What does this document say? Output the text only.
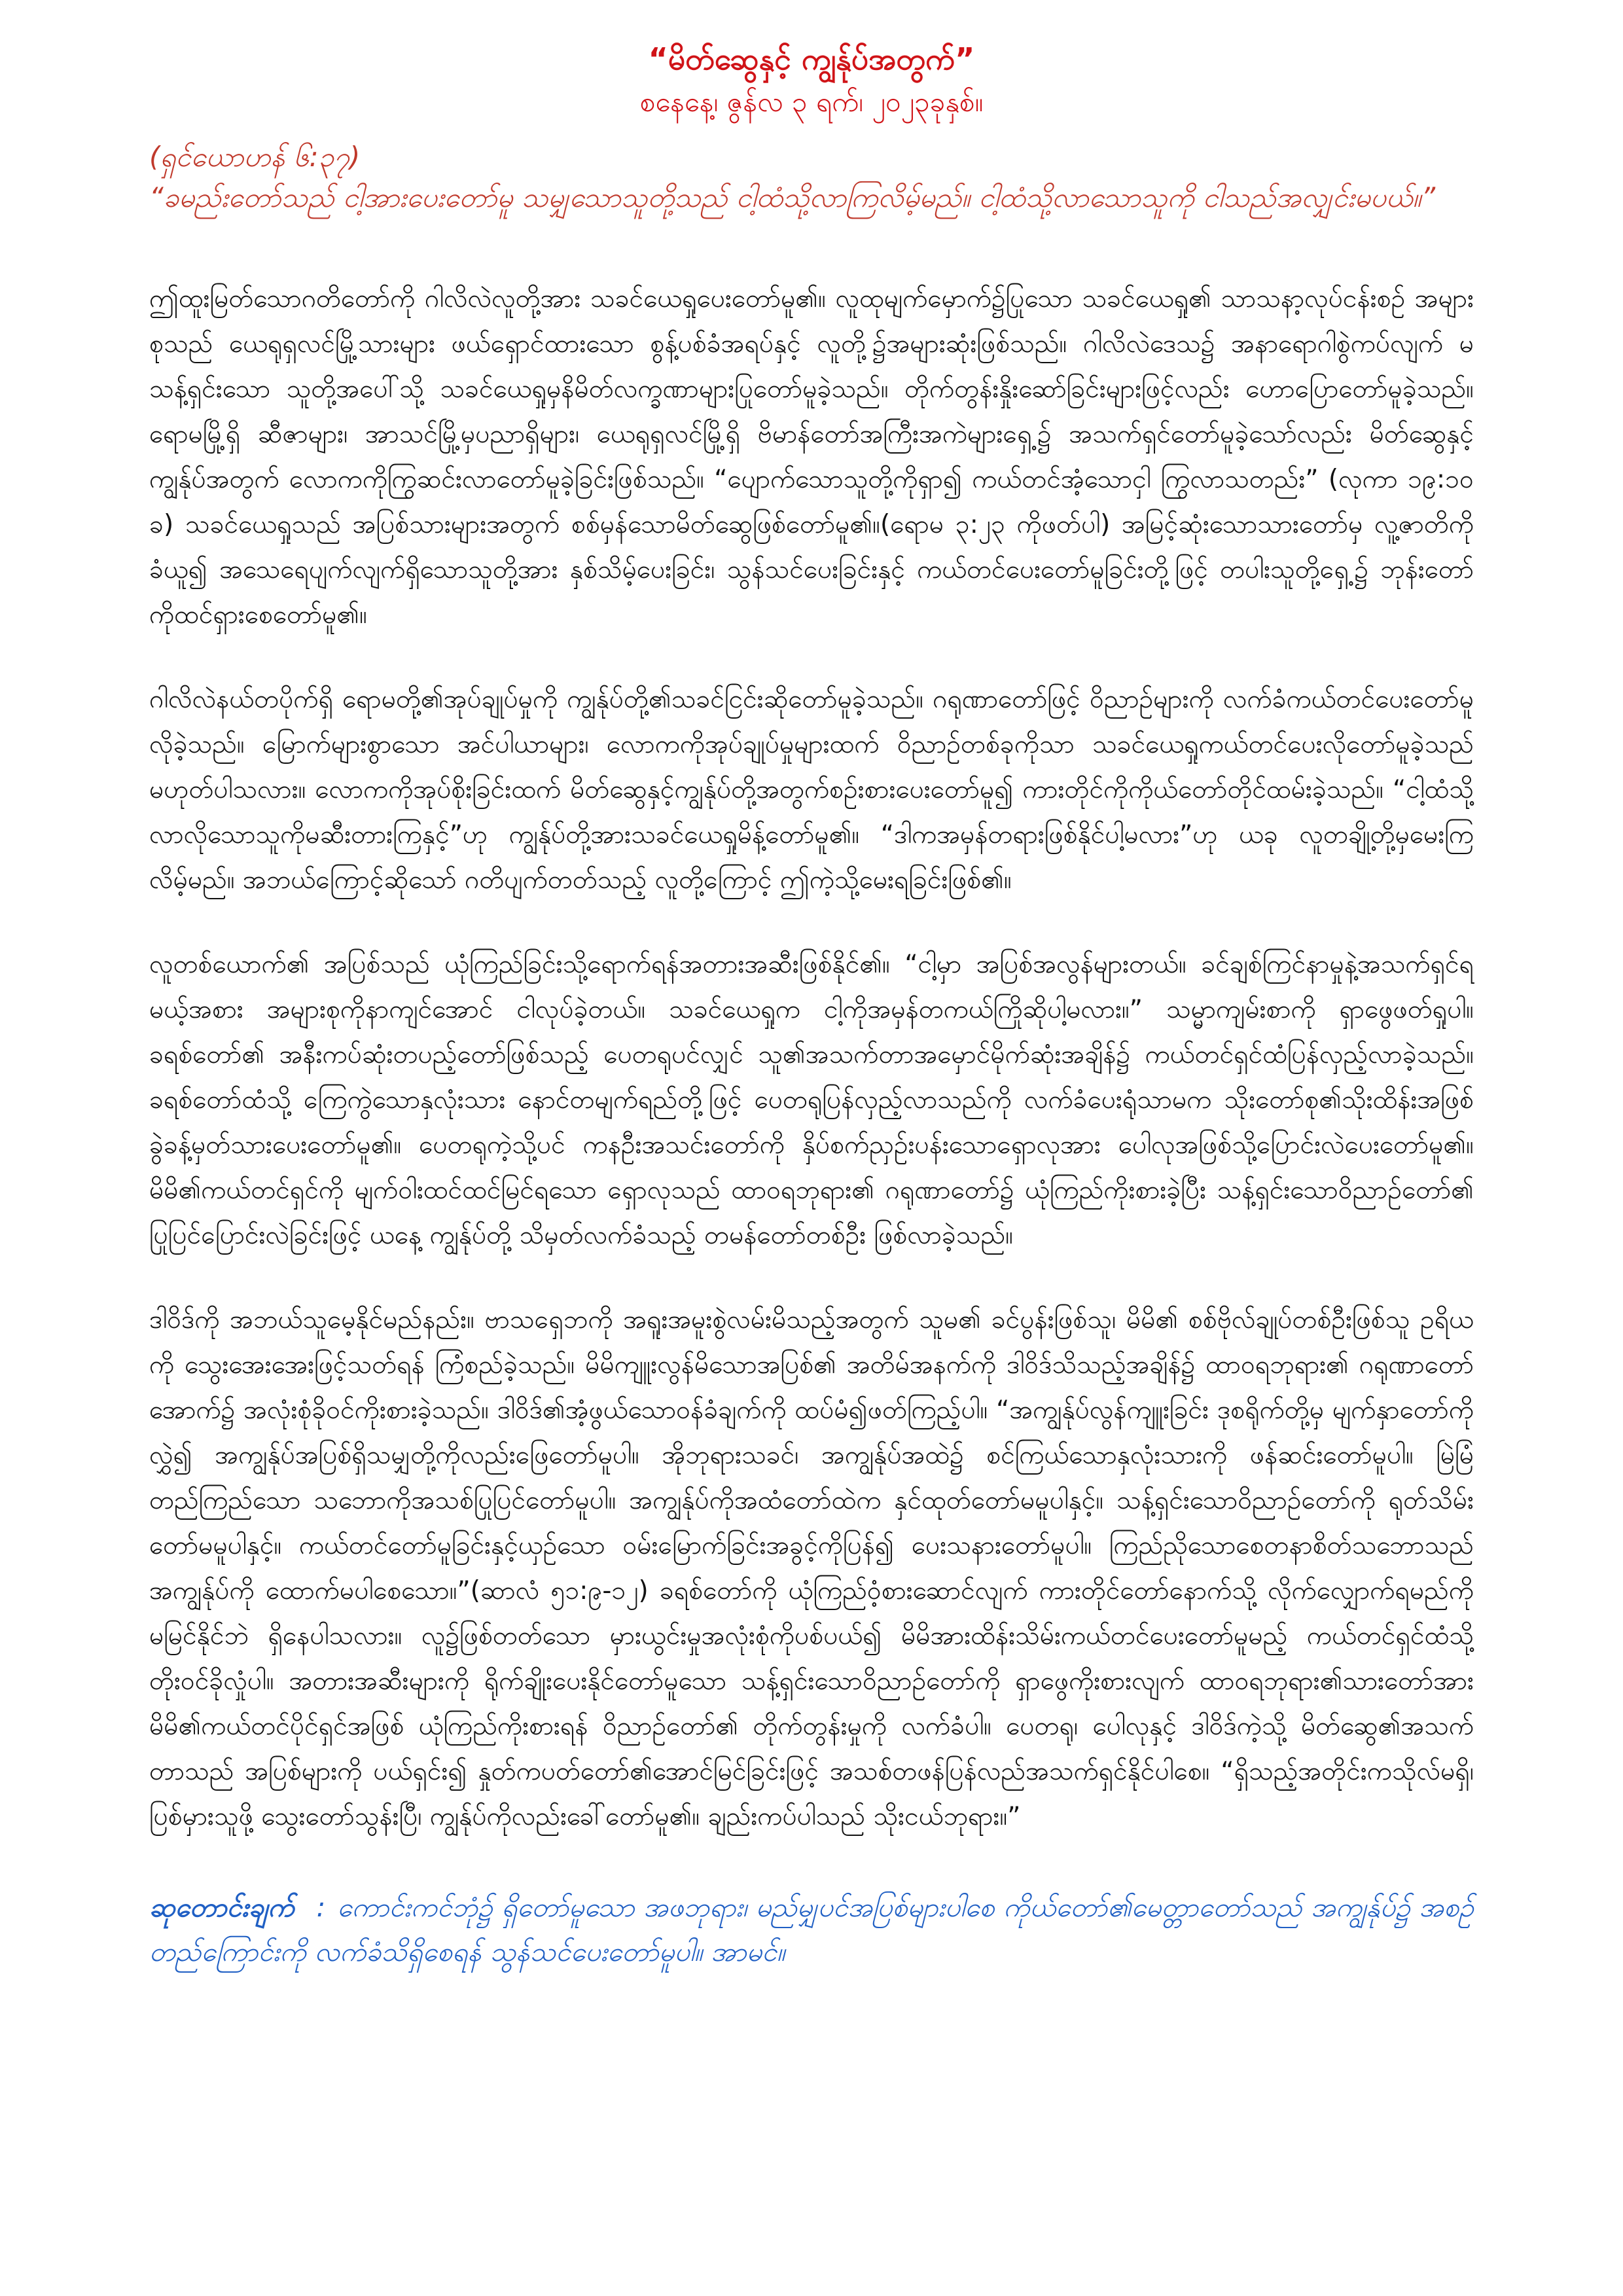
“မိတ်ဆွေနှင့် ကျွန်ုပ်အတွက်”

စနေနေ့၊ ဇွန်လ ၃ ရက်၊ ၂၀၂၃ခုနှစ်။

(ရှင်ယောဟန် ၆:၃၇)

“ခမည်းတော်သည် ငါ့အားပေးတော်မူ သမျှသောသူတို့သည် ငါ့ထံသို့လာကြလိမ့်မည်။ ငါ့ထံသို့လာသောသူကို ငါသည်အလျှင်းမပယ်။”

ဤထူးမြတ်သောဂတိတော်ကို ဂါလိလဲလူတို့အား သခင်ယေရှုပေးတော်မူ၏။ လူထုမျက်မှောက်၌ပြုသော သခင်ယေရှု၏ သာသနာ့လုပ်ငန်းစဉ် အများစုသည် ယေရုရှလင်မြို့သားများ ဖယ်ရှောင်ထားသော စွန့်ပစ်ခံအရပ်နှင့် လူတို့၌အများဆုံးဖြစ်သည်။ ဂါလိလဲဒေသ၌ အနာရောဂါစွဲကပ်လျက် မသန့်ရှင်းသော သူတို့အပေါ်သို့ သခင်ယေရှုမှနိမိတ်လက္ခဏာများပြုတော်မူခဲ့သည်။ တိုက်တွန်းနှိုးဆော်ခြင်းများဖြင့်လည်း ဟောပြောတော်မူခဲ့သည်။ ရောမမြို့ရှိ ဆီဇာများ၊ အာသင်မြို့မှပညာရှိများ၊ ယေရုရှလင်မြို့ရှိ ဗိမာန်တော်အကြီးအကဲများရှေ့၌ အသက်ရှင်တော်မူခဲ့သော်လည်း မိတ်ဆွေနှင့်ကျွန်ုပ်အတွက် လောကကိုကြွဆင်းလာတော်မူခဲ့ခြင်းဖြစ်သည်။ “ပျောက်သောသူတို့ကိုရှာ၍ ကယ်တင်အံ့သောငှါ ကြွလာသတည်း” (လုကာ ၁၉:၁၀ ခ) သခင်ယေရှုသည် အပြစ်သားများအတွက် စစ်မှန်သောမိတ်ဆွေဖြစ်တော်မူ၏။(ရောမ ၃:၂၃ ကိုဖတ်ပါ) အမြင့်ဆုံးသောသားတော်မှ လူ့ဇာတိကိုခံယူ၍ အသေရေပျက်လျက်ရှိသောသူတို့အား နှစ်သိမ့်ပေးခြင်း၊ သွန်သင်ပေးခြင်းနှင့် ကယ်တင်ပေးတော်မူခြင်းတို့ဖြင့် တပါးသူတို့ရှေ့၌ ဘုန်းတော်ကိုထင်ရှားစေတော်မူ၏။

ဂါလိလဲနယ်တပိုက်ရှိ ရောမတို့၏အုပ်ချုပ်မှုကို ကျွန်ုပ်တို့၏သခင်ငြင်းဆိုတော်မူခဲ့သည်။ ဂရုဏာတော်ဖြင့် ဝိညာဉ်များကို လက်ခံကယ်တင်ပေးတော်မူလိုခဲ့သည်။ မြောက်များစွာသော အင်ပါယာများ၊ လောကကိုအုပ်ချုပ်မှုများထက် ဝိညာဉ်တစ်ခုကိုသာ သခင်ယေရှုကယ်တင်ပေးလိုတော်မူခဲ့သည် မဟုတ်ပါသလား။ လောကကိုအုပ်စိုးခြင်းထက် မိတ်ဆွေနှင့်ကျွန်ုပ်တို့အတွက်စဉ်းစားပေးတော်မူ၍ ကားတိုင်ကိုကိုယ်တော်တိုင်ထမ်းခဲ့သည်။ “ငါ့ထံသို့လာလိုသောသူကိုမဆီးတားကြနှင့်”ဟု ကျွန်ုပ်တို့အားသခင်ယေရှုမိန့်တော်မူ၏။ “ဒါကအမှန်တရားဖြစ်နိုင်ပါ့မလား”ဟု ယခု လူတချို့တို့မှမေးကြလိမ့်မည်။ အဘယ်ကြောင့်ဆိုသော် ဂတိပျက်တတ်သည့် လူတို့ကြောင့် ဤကဲ့သို့မေးရခြင်းဖြစ်၏။

လူတစ်ယောက်၏ အပြစ်သည် ယုံကြည်ခြင်းသို့ရောက်ရန်အတားအဆီးဖြစ်နိုင်၏။ “ငါ့မှာ အပြစ်အလွန်များတယ်။ ခင်ချစ်ကြင်နာမှုနဲ့အသက်ရှင်ရမယ့်အစား အများစုကိုနာကျင်အောင် ငါလုပ်ခဲ့တယ်။ သခင်ယေရှုက ငါ့ကိုအမှန်တကယ်ကြိုဆိုပါ့မလား။” သမ္မာကျမ်းစာကို ရှာဖွေဖတ်ရှုပါ။ ခရစ်တော်၏ အနီးကပ်ဆုံးတပည့်တော်ဖြစ်သည့် ပေတရုပင်လျှင် သူ၏အသက်တာအမှောင်မိုက်ဆုံးအချိန်၌ ကယ်တင်ရှင်ထံပြန်လှည့်လာခဲ့သည်။ ခရစ်တော်ထံသို့ ကြေကွဲသောနှလုံးသား နောင်တမျက်ရည်တို့ဖြင့် ပေတရုပြန်လှည့်လာသည်ကို လက်ခံပေးရုံသာမက သိုးတော်စု၏သိုးထိန်းအဖြစ် ခွဲခန့်မှတ်သားပေးတော်မူ၏။ ပေတရုကဲ့သို့ပင် ကနဦးအသင်းတော်ကို နှိပ်စက်ညှဉ်းပန်းသောရှောလုအား ပေါလုအဖြစ်သို့ပြောင်းလဲပေးတော်မူ၏။ မိမိ၏ကယ်တင်ရှင်ကို မျက်ဝါးထင်ထင်မြင်ရသော ရှောလုသည် ထာဝရဘုရား၏ ဂရုဏာတော်၌ ယုံကြည်ကိုးစားခဲ့ပြီး သန့်ရှင်းသောဝိညာဉ်တော်၏ ပြုပြင်ပြောင်းလဲခြင်းဖြင့် ယနေ့ ကျွန်ုပ်တို့ သိမှတ်လက်ခံသည့် တမန်တော်တစ်ဦး ဖြစ်လာခဲ့သည်။

ဒါဝိဒ်ကို အဘယ်သူမေ့နိုင်မည်နည်း။ ဗာသရှေဘကို အရူးအမူးစွဲလမ်းမိသည့်အတွက် သူမ၏ ခင်ပွန်းဖြစ်သူ၊ မိမိ၏ စစ်ဗိုလ်ချုပ်တစ်ဦးဖြစ်သူ ဥရိယကို သွေးအေးအေးဖြင့်သတ်ရန် ကြံစည်ခဲ့သည်။ မိမိကျူးလွန်မိသောအပြစ်၏ အတိမ်အနက်ကို ဒါဝိဒ်သိသည့်အချိန်၌ ထာဝရဘုရား၏ ဂရုဏာတော်အောက်၌ အလုံးစုံခိုဝင်ကိုးစားခဲ့သည်။ ဒါဝိဒ်၏အံ့ဖွယ်သောဝန်ခံချက်ကို ထပ်မံ၍ဖတ်ကြည့်ပါ။ “အကျွန်ုပ်လွန်ကျူးခြင်း ဒုစရိုက်တို့မှ မျက်နှာတော်ကိုလွှဲ၍ အကျွန်ုပ်အပြစ်ရှိသမျှတို့ကိုလည်းဖြေတော်မူပါ။ အိုဘုရားသခင်၊ အကျွန်ုပ်အထဲ၌ စင်ကြယ်သောနှလုံးသားကို ဖန်ဆင်းတော်မူပါ။ မြဲမြံတည်ကြည်သော သဘောကိုအသစ်ပြုပြင်တော်မူပါ။ အကျွန်ုပ်ကိုအထံတော်ထဲက နှင်ထုတ်တော်မမူပါနှင့်။ သန့်ရှင်းသောဝိညာဉ်တော်ကို ရုတ်သိမ်းတော်မမူပါနှင့်။ ကယ်တင်တော်မူခြင်းနှင့်ယှဉ်သော ဝမ်းမြောက်ခြင်းအခွင့်ကိုပြန်၍ ပေးသနားတော်မူပါ။ ကြည်ညိုသောစေတနာစိတ်သဘောသည် အကျွန်ုပ်ကို ထောက်မပါစေသော။”(ဆာလံ ၅၁:၉-၁၂) ခရစ်တော်ကို ယုံကြည်ဝံ့စားဆောင်လျက် ကားတိုင်တော်နောက်သို့ လိုက်လျှောက်ရမည်ကို မမြင်နိုင်ဘဲ ရှိနေပါသလား။ လူ၌ဖြစ်တတ်သော မှားယွင်းမှုအလုံးစုံကိုပစ်ပယ်၍ မိမိအားထိန်းသိမ်းကယ်တင်ပေးတော်မူမည့် ကယ်တင်ရှင်ထံသို့ တိုးဝင်ခိုလှုံပါ။ အတားအဆီးများကို ရိုက်ချိုးပေးနိုင်တော်မူသော သန့်ရှင်းသောဝိညာဉ်တော်ကို ရှာဖွေကိုးစားလျက် ထာဝရဘုရား၏သားတော်အား မိမိ၏ကယ်တင်ပိုင်ရှင်အဖြစ် ယုံကြည်ကိုးစားရန် ဝိညာဉ်တော်၏ တိုက်တွန်းမှုကို လက်ခံပါ။ ပေတရု၊ ပေါလုနှင့် ဒါဝိဒ်ကဲ့သို့ မိတ်ဆွေ၏အသက်တာသည် အပြစ်များကို ပယ်ရှင်း၍ နှုတ်ကပတ်တော်၏အောင်မြင်ခြင်းဖြင့် အသစ်တဖန်ပြန်လည်အသက်ရှင်နိုင်ပါစေ။ “ရှိသည့်အတိုင်းကသိုလ်မရှိ၊ ပြစ်မှားသူဖို့ သွေးတော်သွန်းပြီ၊ ကျွန်ုပ်ကိုလည်းခေါ်တော်မူ၏။ ချည်းကပ်ပါသည် သိုးငယ်ဘုရား။”

ဆုတောင်းချက် : ကောင်းကင်ဘုံ၌ ရှိတော်မူသော အဖဘုရား၊ မည်မျှပင်အပြစ်များပါစေ ကိုယ်တော်၏မေတ္တာတော်သည် အကျွန်ုပ်၌ အစဉ်တည်ကြောင်းကို လက်ခံသိရှိစေရန် သွန်သင်ပေးတော်မူပါ။ အာမင်။
